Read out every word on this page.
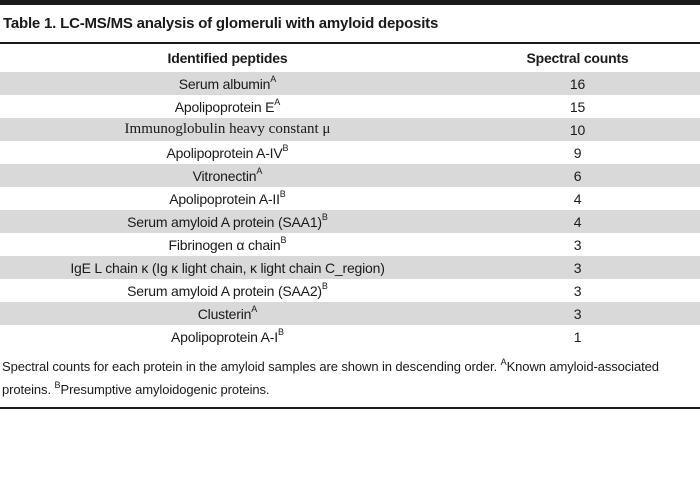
Table 1. LC-MS/MS analysis of glomeruli with amyloid deposits
Identified peptides	Spectral counts
Serum albumin$^A$	16
Apolipoprotein $E^A$	15
Immunoglobulin heavy constant μ	10
Apolipoprotein $A-IV^B$	9
Vitronectin$^A$	6
Apolipoprotein $A-II^B$	4
Serum amyloid A protein $(SAA1)^B$	4
Fibrinogen α chain$^B$	3
IgE L chain κ (Ig κ light chain, κ light chain C_region)	3
Serum amyloid A protein $(SAA2)^B$	3
Clusterin$^A$	3
Apolipoprotein $A-I^B$	1

Spectral counts for each protein in the amyloid samples are shown in descending order. $^A$Known amyloid-associated proteins. $^B$Presumptive amyloidogenic proteins.
